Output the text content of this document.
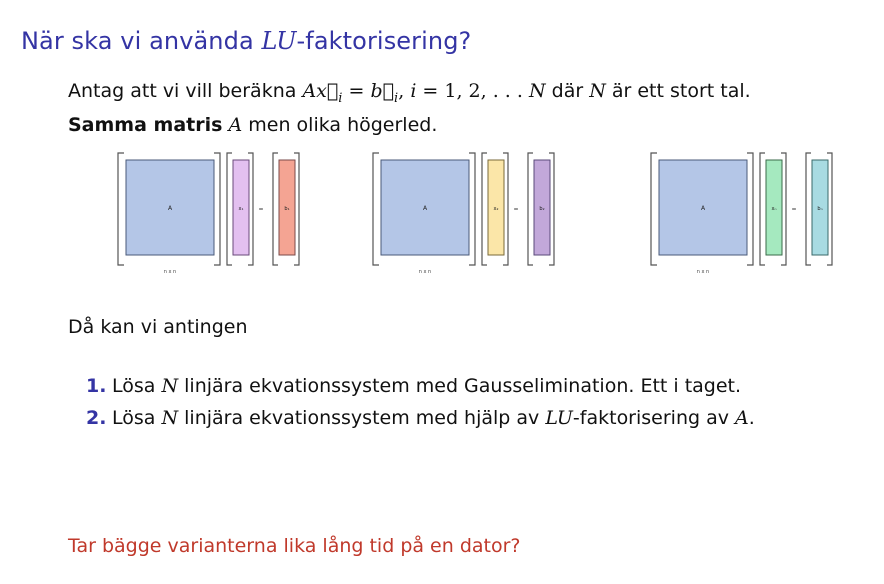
När ska vi använda LU-faktorisering?
Antag att vi vill beräkna $Ax⃗_i$ = $b⃗_i$, i = 1, 2, . . . N där N är ett stort tal.
Samma matris A men olika högerled.
A
n x n
x₁	=	b₁	A
n x n
x₂	=	b₂	A
n x n
xₙ	=	bₙ
Då kan vi antingen
1. Lösa N linjära ekvationssystem med Gausselimination. Ett i taget.
2. Lösa N linjära ekvationssystem med hjälp av LU-faktorisering av A.
Tar bägge varianterna lika lång tid på en dator?
